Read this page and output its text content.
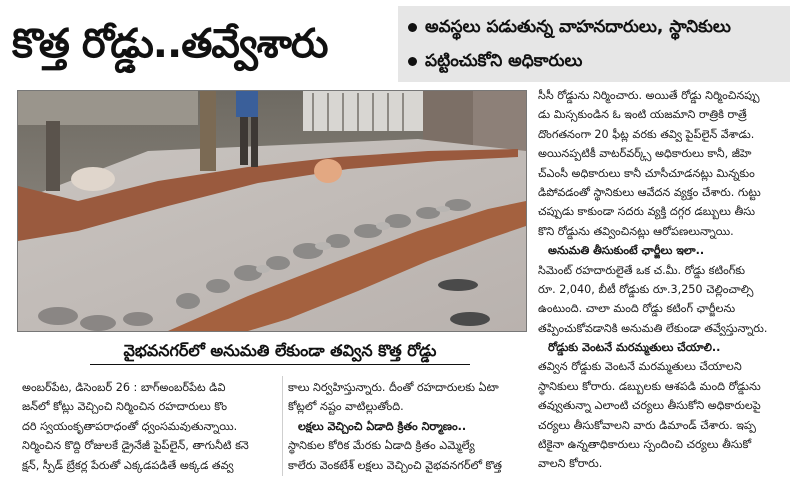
కొత్త రోడ్డు..తవ్వేశారు	అవస్థలు పడుతున్న వాహనదారులు, స్థానికులు
పట్టించుకోని అధికారులు
వైభవనగర్‌లో అనుమతి లేకుండా తవ్విన కొత్త రోడ్డు
సీసీ రోడ్డును నిర్మించారు. అయితే రోడ్డు నిర్మించినప్పు
డు మిస్సకుండిన ఓ ఇంటి యజమాని రాత్రికి రాత్రే
దొంగతనంగా 20 ఫీట్ల వరకు తవ్వి పైప్‌లైన్ వేశాడు.
అయినప్పటికీ వాటర్‌వర్క్స్ అధికారులు కానీ, జీహె
చ్ఎంసీ అధికారులు కానీ చూసీచూడనట్లు మిన్నకుం
డిపోవడంతో స్థానికులు ఆవేదన వ్యక్తం చేశారు. గుట్టు
చప్పుడు కాకుండా సదరు వ్యక్తి దగ్గర డబ్బులు తీసు
కొని రోడ్డును తవ్వించినట్లు ఆరోపణలున్నాయి.
అనుమతి తీసుకుంటే ఛార్జీలు ఇలా..
సిమెంట్ రహదారులైతే ఒక చ.మీ. రోడ్డు కటింగ్‌కు
రూ. 2,040, బీటీ రోడ్డుకు రూ.3,250 చెల్లించాల్సి
ఉంటుంది. చాలా మంది రోడ్డు కటింగ్ ఛార్జీలను
తప్పించుకోవడానికి అనుమతి లేకుండా తవ్వేస్తున్నారు.
రోడ్డుకు వెంటనే మరమ్మతులు చేయాలి..
తవ్విన రోడ్డుకు వెంటనే మరమ్మతులు చేయాలని
స్థానికులు కోరారు. డబ్బులకు ఆశపడి మంది రోడ్డును
తవ్వుతున్నా ఎలాంటి చర్యలు తీసుకోని అధికారులపై
చర్యలు తీసుకోవాలని వారు డిమాండ్ చేశారు. ఇప్ప
టికైనా ఉన్నతాధికారులు స్పందించి చర్యలు తీసుకో
వాలని కోరారు.
అంబర్‌పేట, డిసెంబర్ 26 : బాగ్అంబర్‌పేట డివి
జన్‌లో కోట్లు వెచ్చించి నిర్మించిన రహదారులు కొం
దరి స్వయంకృతాపరాధంతో ధ్వంసమవుతున్నాయి.
నిర్మించిన కొద్ది రోజులకే డ్రైనేజీ పైప్‌లైన్, తాగునీటి కనె
క్షన్, స్పీడ్ బ్రేకర్ల పేరుతో ఎక్కడపడితే అక్కడ తవ్వ
కాలు నిర్వహిస్తున్నారు. దీంతో రహదారులకు ఏటా
కోట్లలో నష్టం వాటిల్లుతోంది.
లక్షలు వెచ్చించి ఏడాది క్రితం నిర్మాణం..
స్థానికుల కోరిక మేరకు ఏడాది క్రితం ఎమ్మెల్యే
కాలేరు వెంకటేశ్ లక్షలు వెచ్చించి వైభవనగర్‌లో కొత్త
